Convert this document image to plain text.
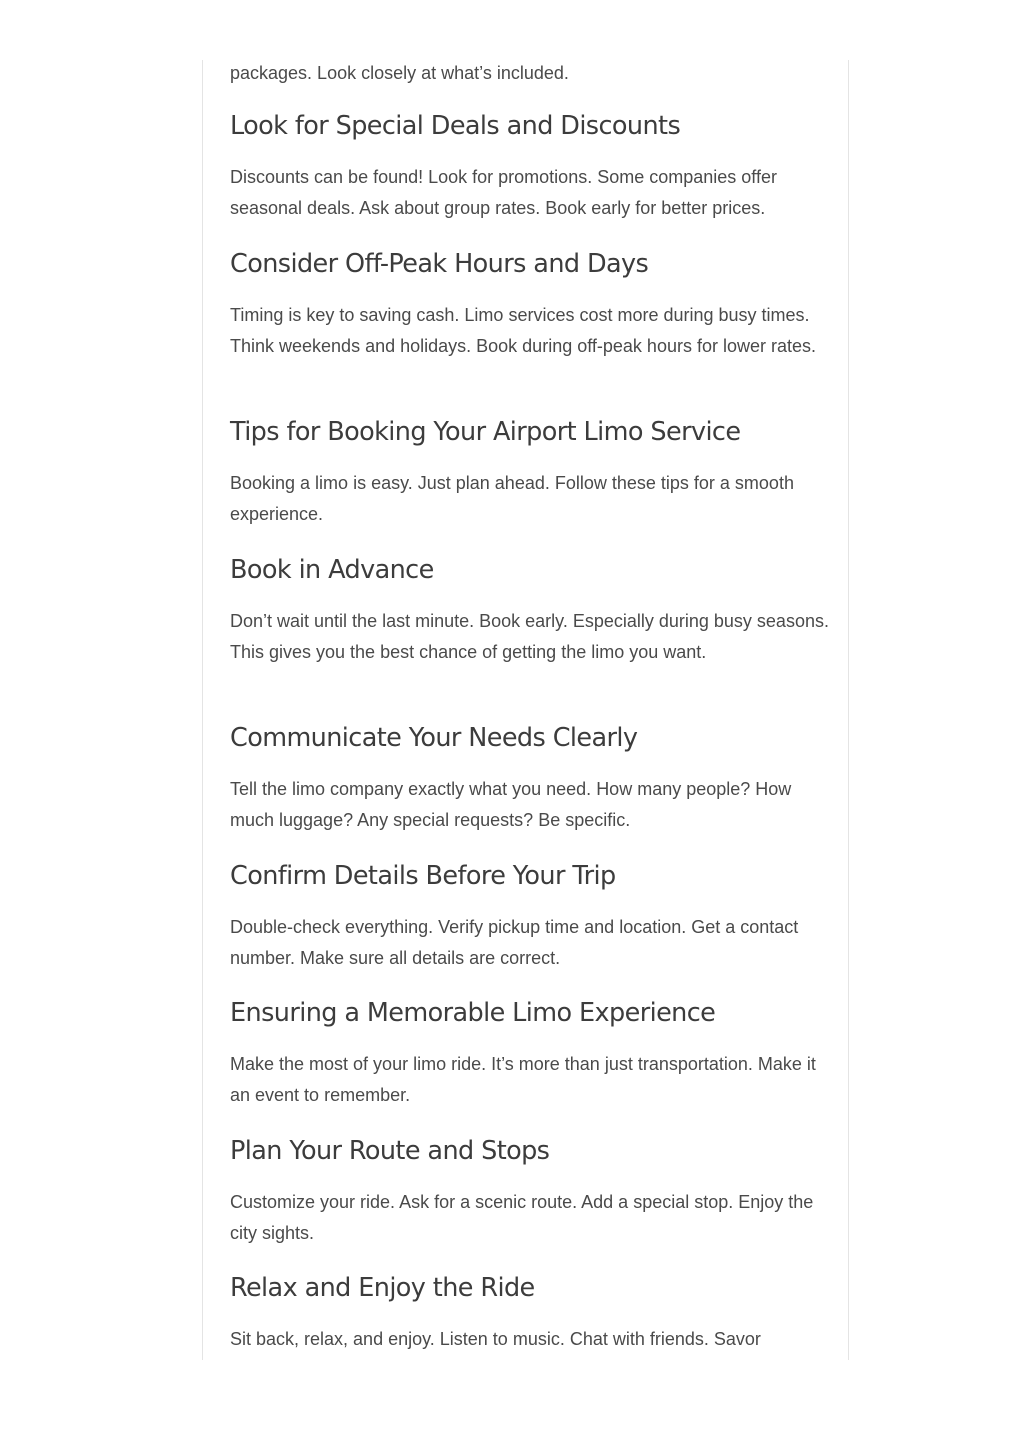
packages. Look closely at what’s included.

Look for Special Deals and Discounts

Discounts can be found! Look for promotions. Some companies offer seasonal deals. Ask about group rates. Book early for better prices.

Consider Off-Peak Hours and Days

Timing is key to saving cash. Limo services cost more during busy times. Think weekends and holidays. Book during off-peak hours for lower rates.

Tips for Booking Your Airport Limo Service

Booking a limo is easy. Just plan ahead. Follow these tips for a smooth experience.

Book in Advance

Don’t wait until the last minute. Book early. Especially during busy seasons. This gives you the best chance of getting the limo you want.

Communicate Your Needs Clearly

Tell the limo company exactly what you need. How many people? How much luggage? Any special requests? Be specific.

Confirm Details Before Your Trip

Double-check everything. Verify pickup time and location. Get a contact number. Make sure all details are correct.

Ensuring a Memorable Limo Experience

Make the most of your limo ride. It’s more than just transportation. Make it an event to remember.

Plan Your Route and Stops

Customize your ride. Ask for a scenic route. Add a special stop. Enjoy the city sights.

Relax and Enjoy the Ride

Sit back, relax, and enjoy. Listen to music. Chat with friends. Savor
